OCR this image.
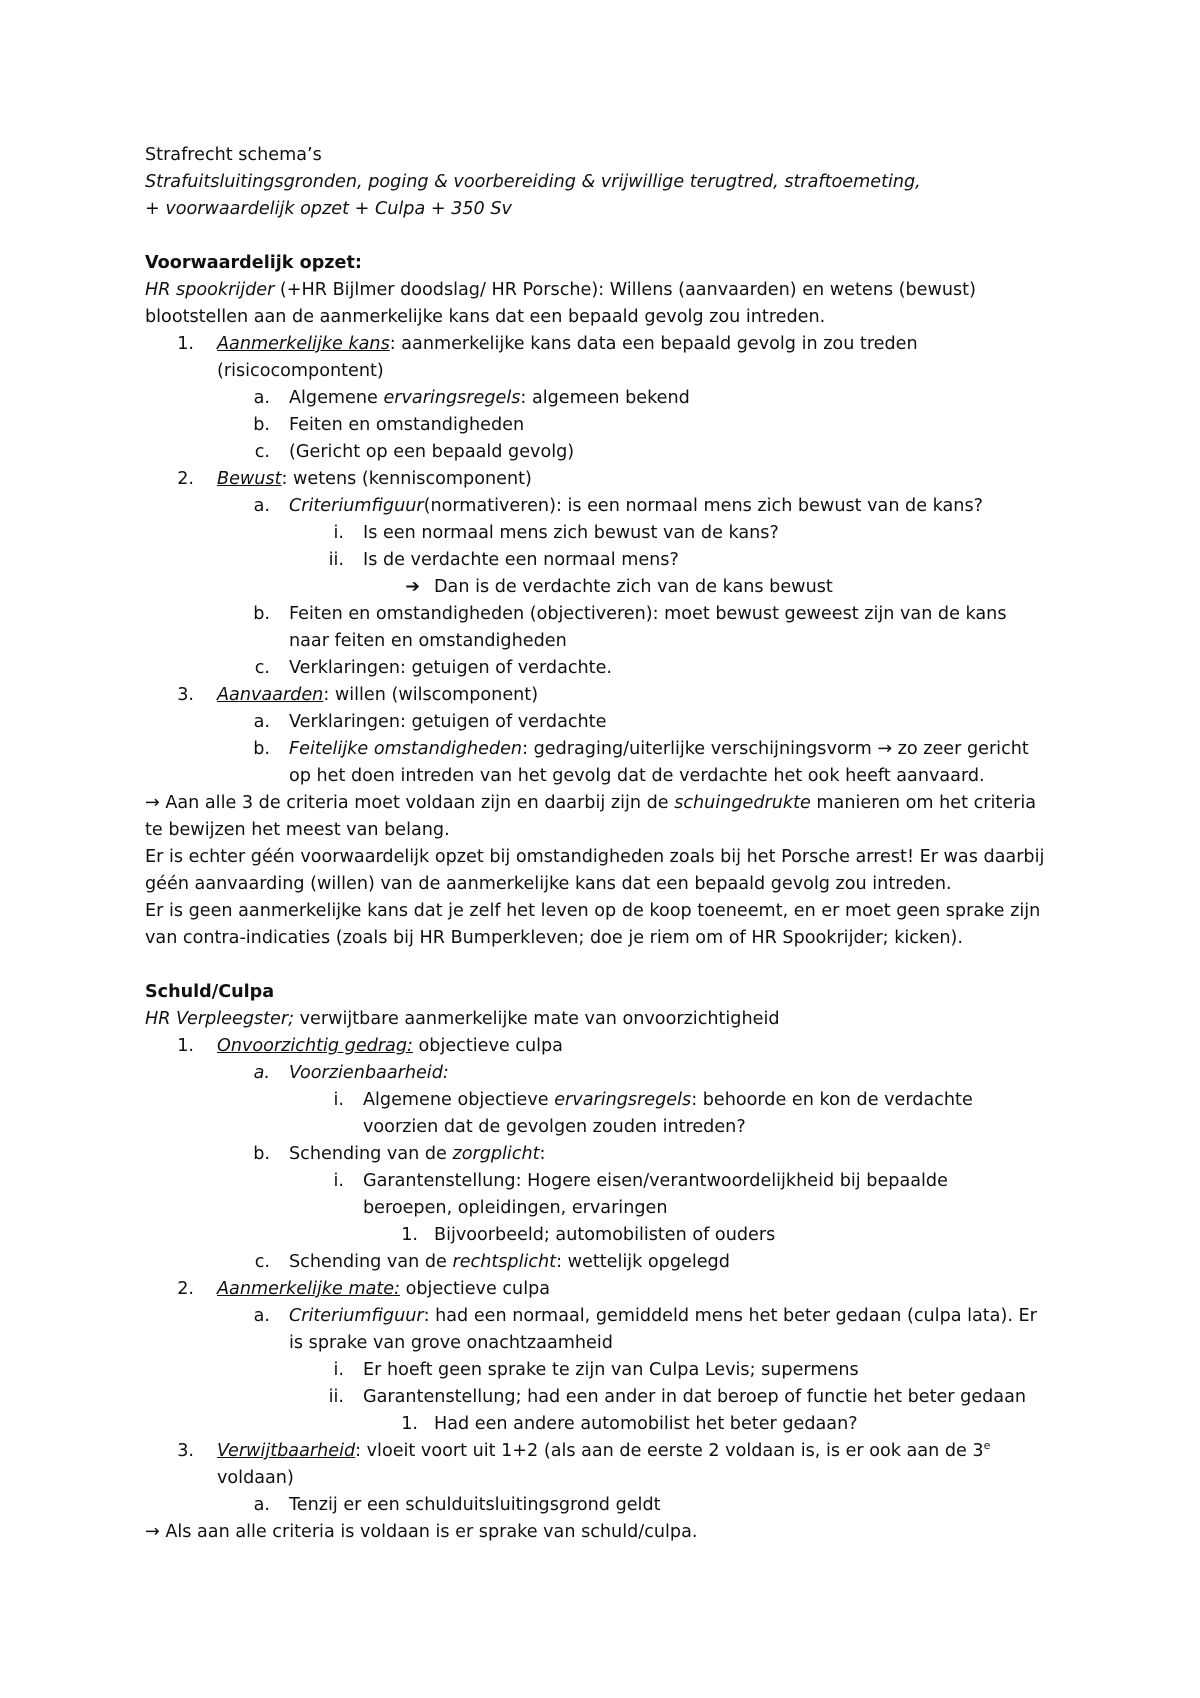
Strafrecht schema’s
Strafuitsluitingsgronden, poging & voorbereiding & vrijwillige terugtred, straftoemeting,
+ voorwaardelijk opzet + Culpa + 350 Sv
Voorwaardelijk opzet:
HR spookrijder (+HR Bijlmer doodslag/ HR Porsche): Willens (aanvaarden) en wetens (bewust)
blootstellen aan de aanmerkelijke kans dat een bepaald gevolg zou intreden.
1. Aanmerkelijke kans: aanmerkelijke kans data een bepaald gevolg in zou treden
(risicocompontent)
a. Algemene ervaringsregels: algemeen bekend
b. Feiten en omstandigheden
c. (Gericht op een bepaald gevolg)
2. Bewust: wetens (kenniscomponent)
a. Criteriumfiguur(normativeren): is een normaal mens zich bewust van de kans?
i. Is een normaal mens zich bewust van de kans?
ii. Is de verdachte een normaal mens?
➔ Dan is de verdachte zich van de kans bewust
b. Feiten en omstandigheden (objectiveren): moet bewust geweest zijn van de kans
naar feiten en omstandigheden
c. Verklaringen: getuigen of verdachte.
3. Aanvaarden: willen (wilscomponent)
a. Verklaringen: getuigen of verdachte
b. Feitelijke omstandigheden: gedraging/uiterlijke verschijningsvorm → zo zeer gericht
op het doen intreden van het gevolg dat de verdachte het ook heeft aanvaard.
→ Aan alle 3 de criteria moet voldaan zijn en daarbij zijn de schuingedrukte manieren om het criteria
te bewijzen het meest van belang.
Er is echter géén voorwaardelijk opzet bij omstandigheden zoals bij het Porsche arrest! Er was daarbij
géén aanvaarding (willen) van de aanmerkelijke kans dat een bepaald gevolg zou intreden.
Er is geen aanmerkelijke kans dat je zelf het leven op de koop toeneemt, en er moet geen sprake zijn
van contra-indicaties (zoals bij HR Bumperkleven; doe je riem om of HR Spookrijder; kicken).
Schuld/Culpa
HR Verpleegster; verwijtbare aanmerkelijke mate van onvoorzichtigheid
1. Onvoorzichtig gedrag: objectieve culpa
a. Voorzienbaarheid:
i. Algemene objectieve ervaringsregels: behoorde en kon de verdachte
voorzien dat de gevolgen zouden intreden?
b. Schending van de zorgplicht:
i. Garantenstellung: Hogere eisen/verantwoordelijkheid bij bepaalde
beroepen, opleidingen, ervaringen
1. Bijvoorbeeld; automobilisten of ouders
c. Schending van de rechtsplicht: wettelijk opgelegd
2. Aanmerkelijke mate: objectieve culpa
a. Criteriumfiguur: had een normaal, gemiddeld mens het beter gedaan (culpa lata). Er
is sprake van grove onachtzaamheid
i. Er hoeft geen sprake te zijn van Culpa Levis; supermens
ii. Garantenstellung; had een ander in dat beroep of functie het beter gedaan
1. Had een andere automobilist het beter gedaan?
3. Verwijtbaarheid: vloeit voort uit 1+2 (als aan de eerste 2 voldaan is, is er ook aan de 3e
voldaan)
a. Tenzij er een schulduitsluitingsgrond geldt
→ Als aan alle criteria is voldaan is er sprake van schuld/culpa.
